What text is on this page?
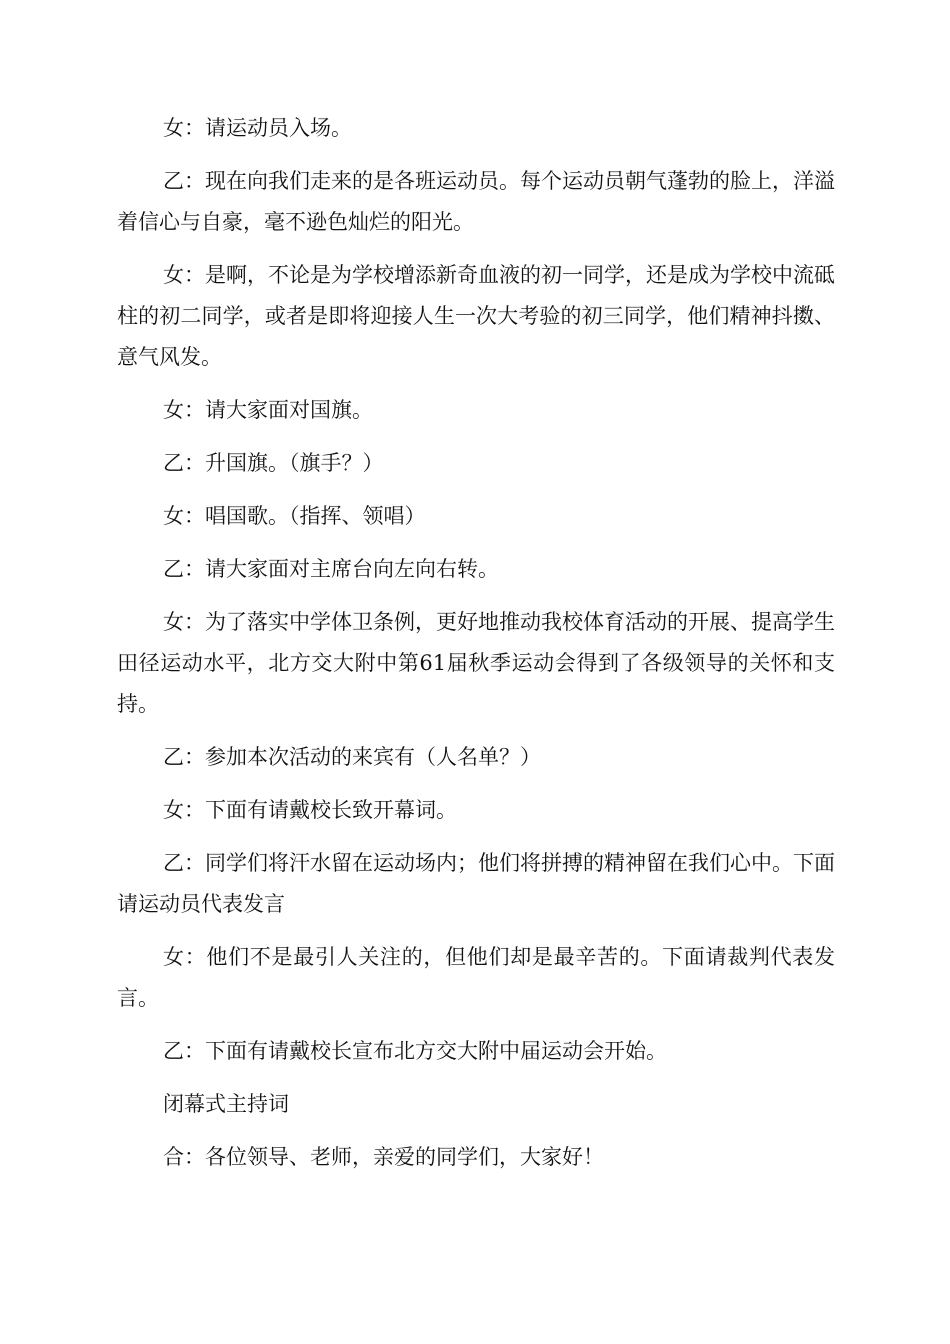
女：请运动员入场。

乙：现在向我们走来的是各班运动员。每个运动员朝气蓬勃的脸上，洋溢着信心与自豪，毫不逊色灿烂的阳光。

女：是啊，不论是为学校增添新奇血液的初一同学，还是成为学校中流砥柱的初二同学，或者是即将迎接人生一次大考验的初三同学，他们精神抖擞、意气风发。

女：请大家面对国旗。

乙：升国旗。（旗手？）

女：唱国歌。（指挥、领唱）

乙：请大家面对主席台向左向右转。

女：为了落实中学体卫条例，更好地推动我校体育活动的开展、提高学生田径运动水平，北方交大附中第61届秋季运动会得到了各级领导的关怀和支持。

乙：参加本次活动的来宾有（人名单？）

女：下面有请戴校长致开幕词。

乙：同学们将汗水留在运动场内；他们将拼搏的精神留在我们心中。下面请运动员代表发言

女：他们不是最引人关注的，但他们却是最辛苦的。下面请裁判代表发言。

乙：下面有请戴校长宣布北方交大附中届运动会开始。

闭幕式主持词

合：各位领导、老师，亲爱的同学们，大家好！
